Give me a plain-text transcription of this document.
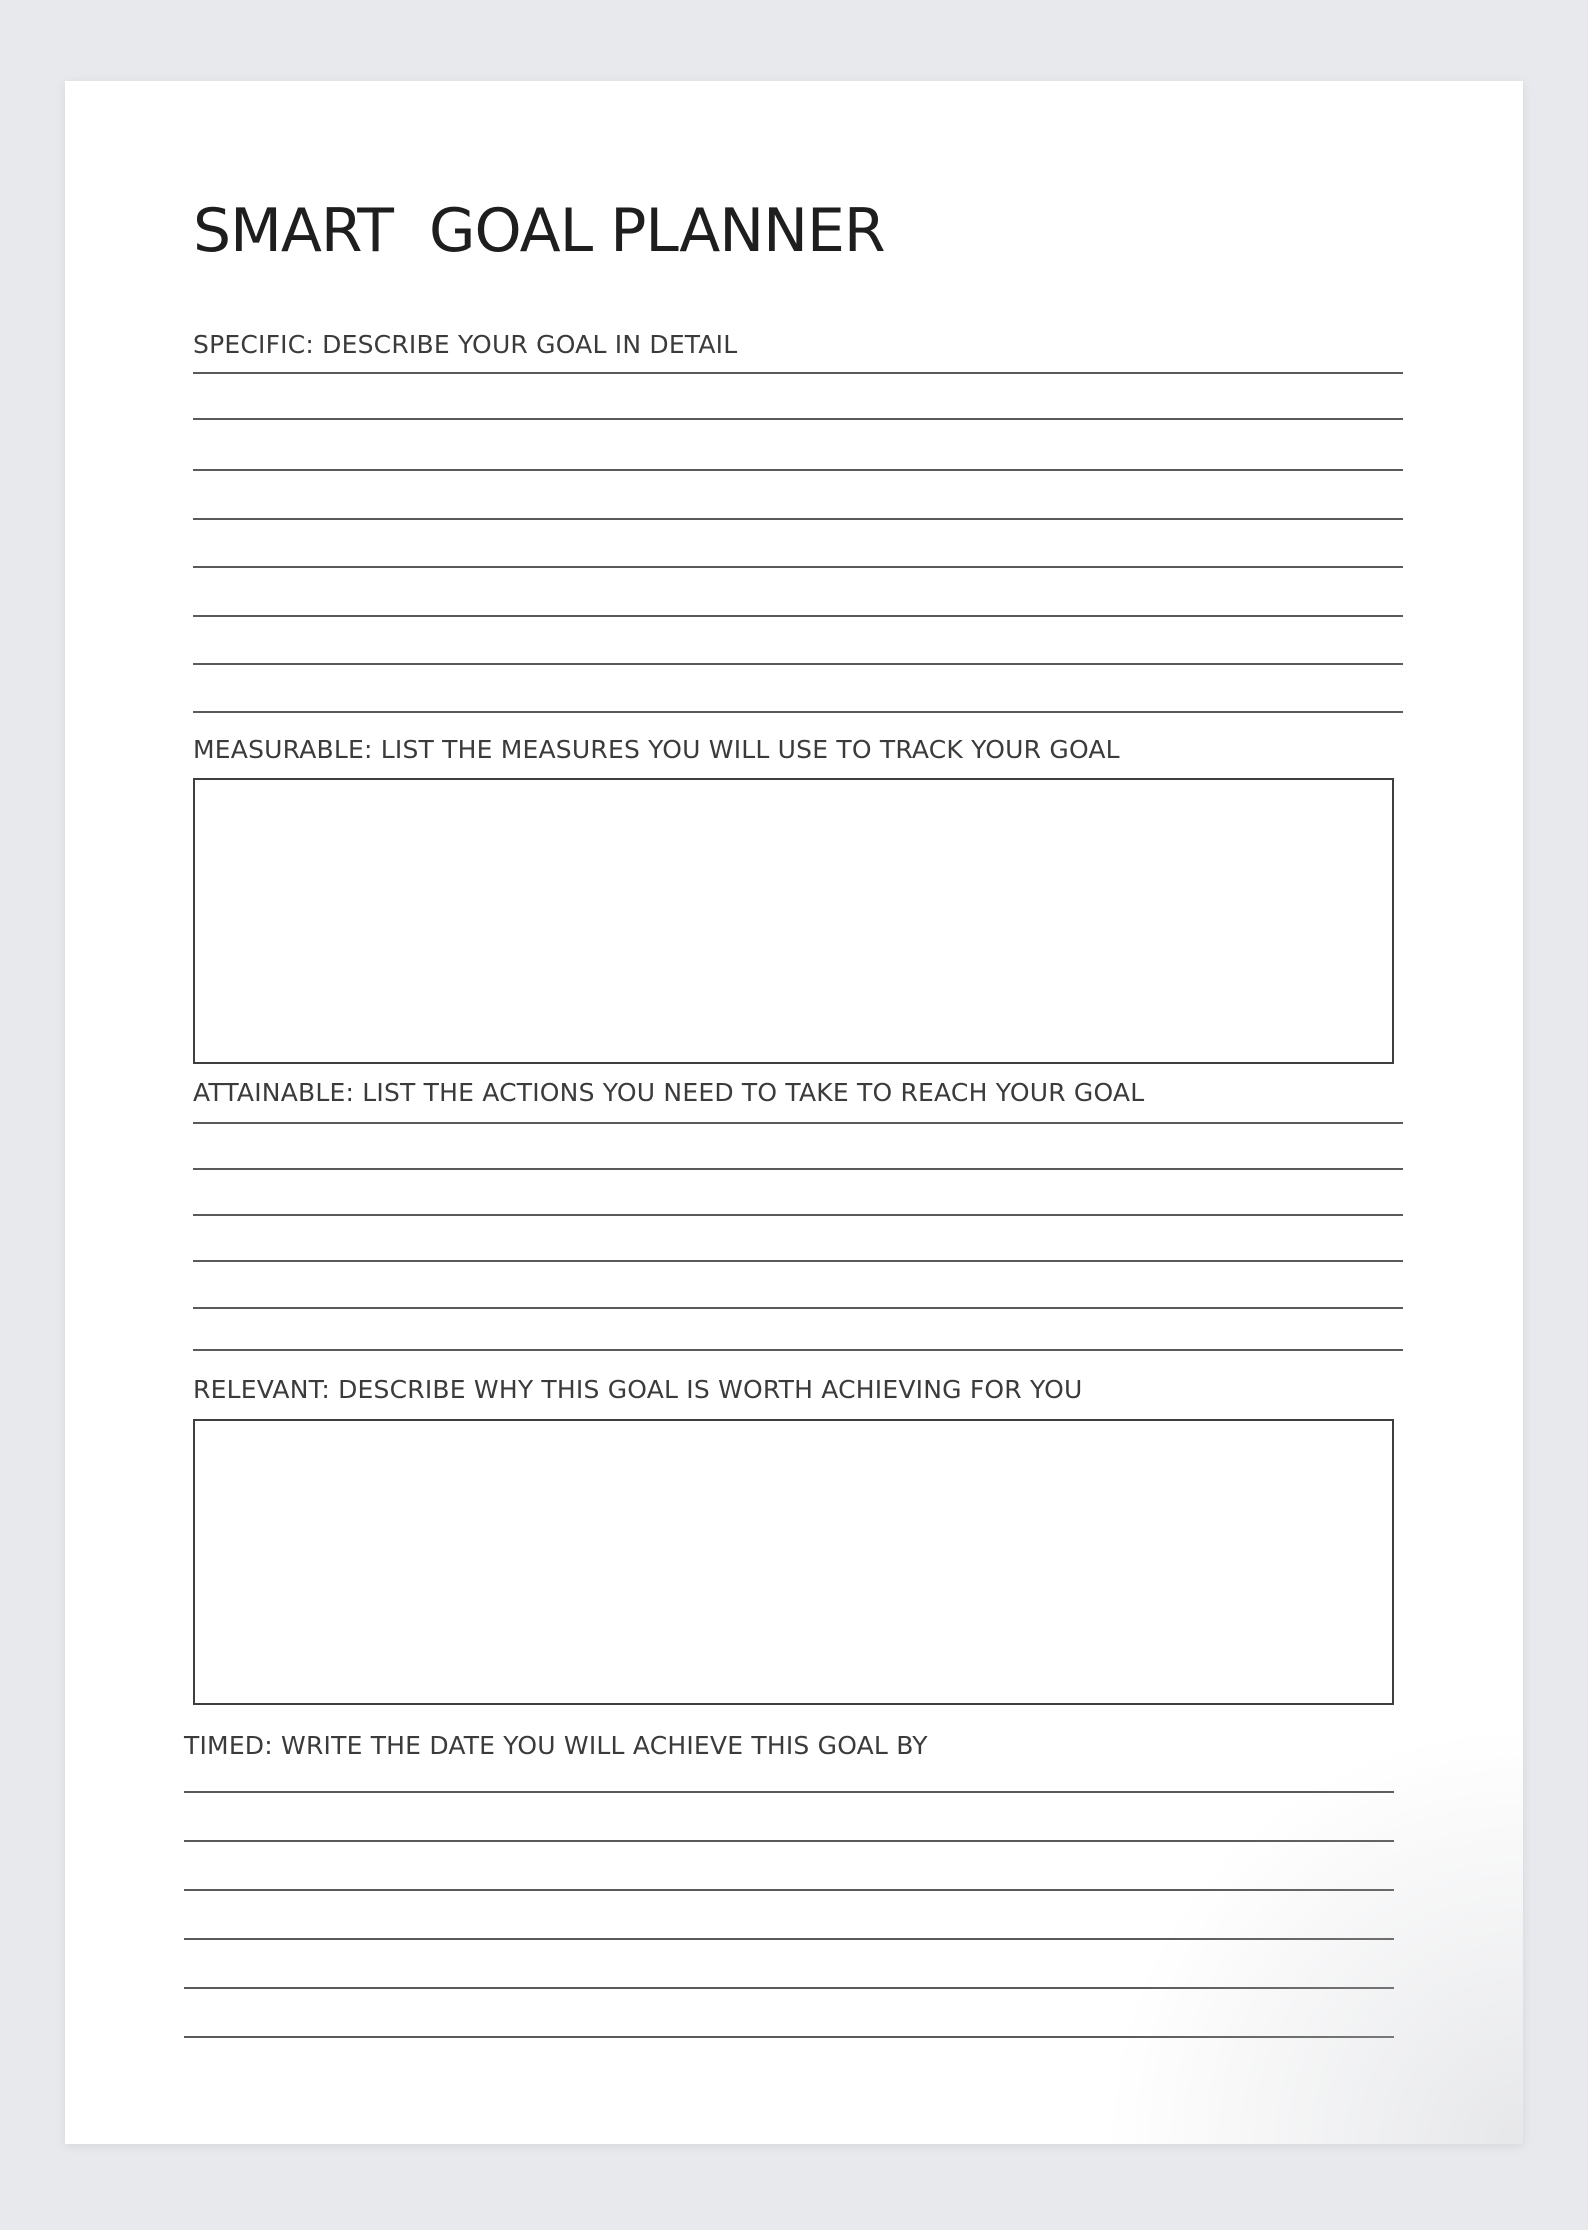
SMART  GOAL PLANNER
SPECIFIC: DESCRIBE YOUR GOAL IN DETAIL
MEASURABLE: LIST THE MEASURES YOU WILL USE TO TRACK YOUR GOAL
ATTAINABLE: LIST THE ACTIONS YOU NEED TO TAKE TO REACH YOUR GOAL
RELEVANT: DESCRIBE WHY THIS GOAL IS WORTH ACHIEVING FOR YOU
TIMED: WRITE THE DATE YOU WILL ACHIEVE THIS GOAL BY
